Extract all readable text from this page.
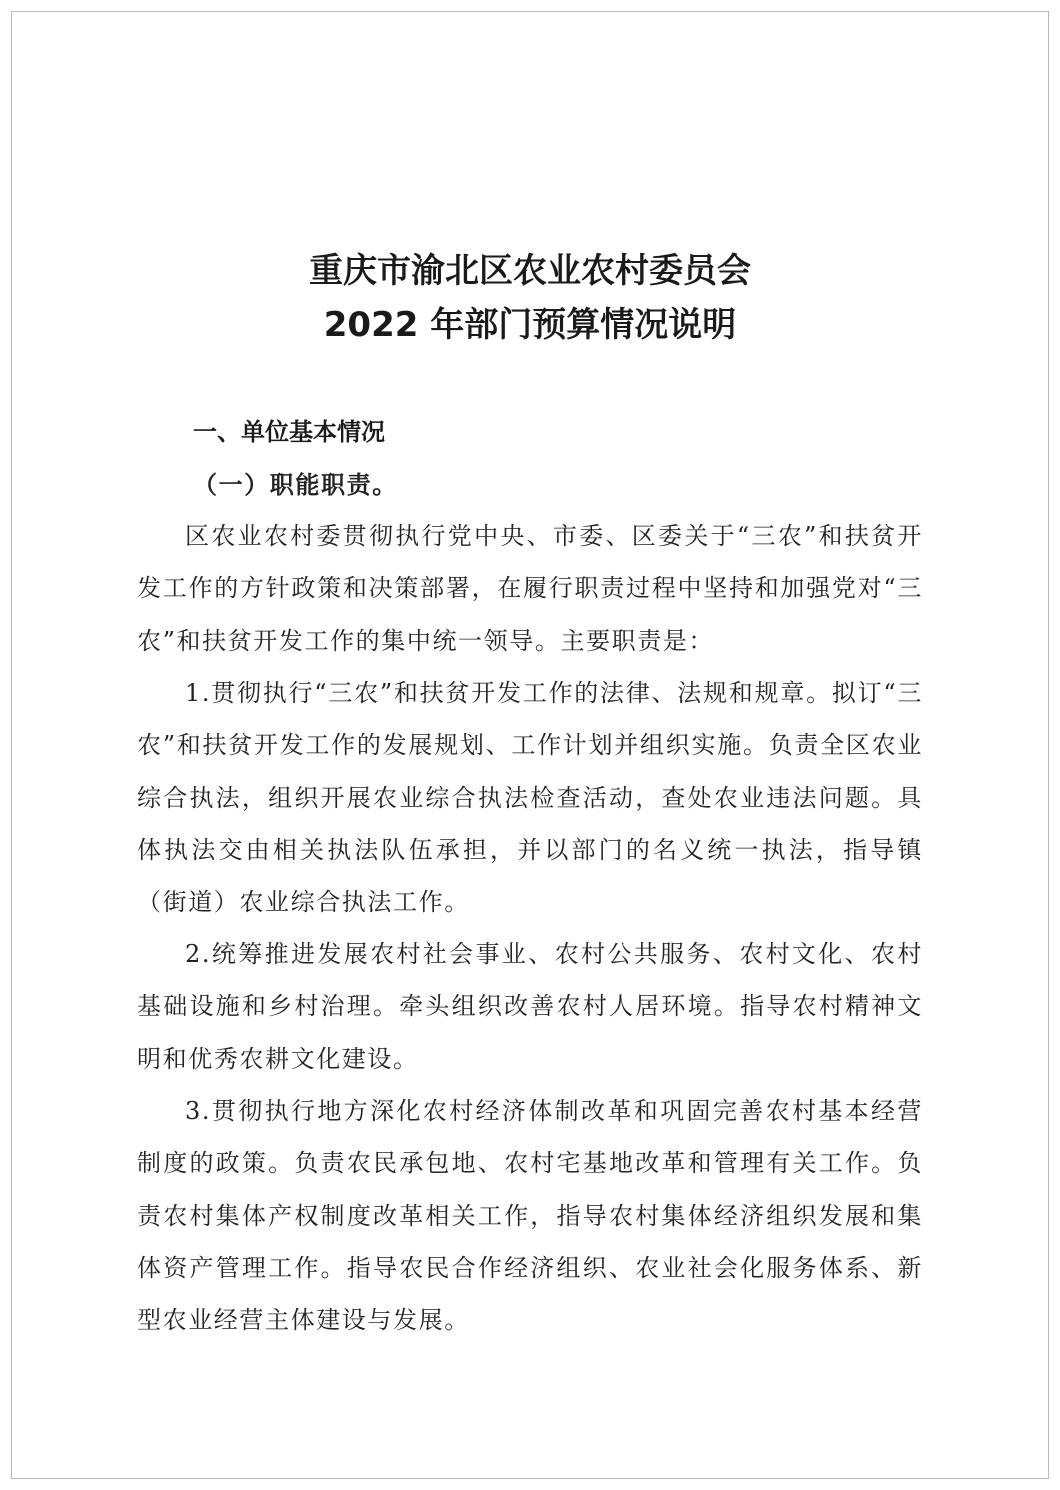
重庆市渝北区农业农村委员会
2022 年部门预算情况说明
一、单位基本情况
（一）职能职责。

区农业农村委贯彻执行党中央、市委、区委关于“三农”和扶贫开发工作的方针政策和决策部署，在履行职责过程中坚持和加强党对“三农”和扶贫开发工作的集中统一领导。主要职责是：

1.贯彻执行“三农”和扶贫开发工作的法律、法规和规章。拟订“三农”和扶贫开发工作的发展规划、工作计划并组织实施。负责全区农业综合执法，组织开展农业综合执法检查活动，查处农业违法问题。具体执法交由相关执法队伍承担，并以部门的名义统一执法，指导镇（街道）农业综合执法工作。

2.统筹推进发展农村社会事业、农村公共服务、农村文化、农村基础设施和乡村治理。牵头组织改善农村人居环境。指导农村精神文明和优秀农耕文化建设。

3.贯彻执行地方深化农村经济体制改革和巩固完善农村基本经营制度的政策。负责农民承包地、农村宅基地改革和管理有关工作。负责农村集体产权制度改革相关工作，指导农村集体经济组织发展和集体资产管理工作。指导农民合作经济组织、农业社会化服务体系、新型农业经营主体建设与发展。
